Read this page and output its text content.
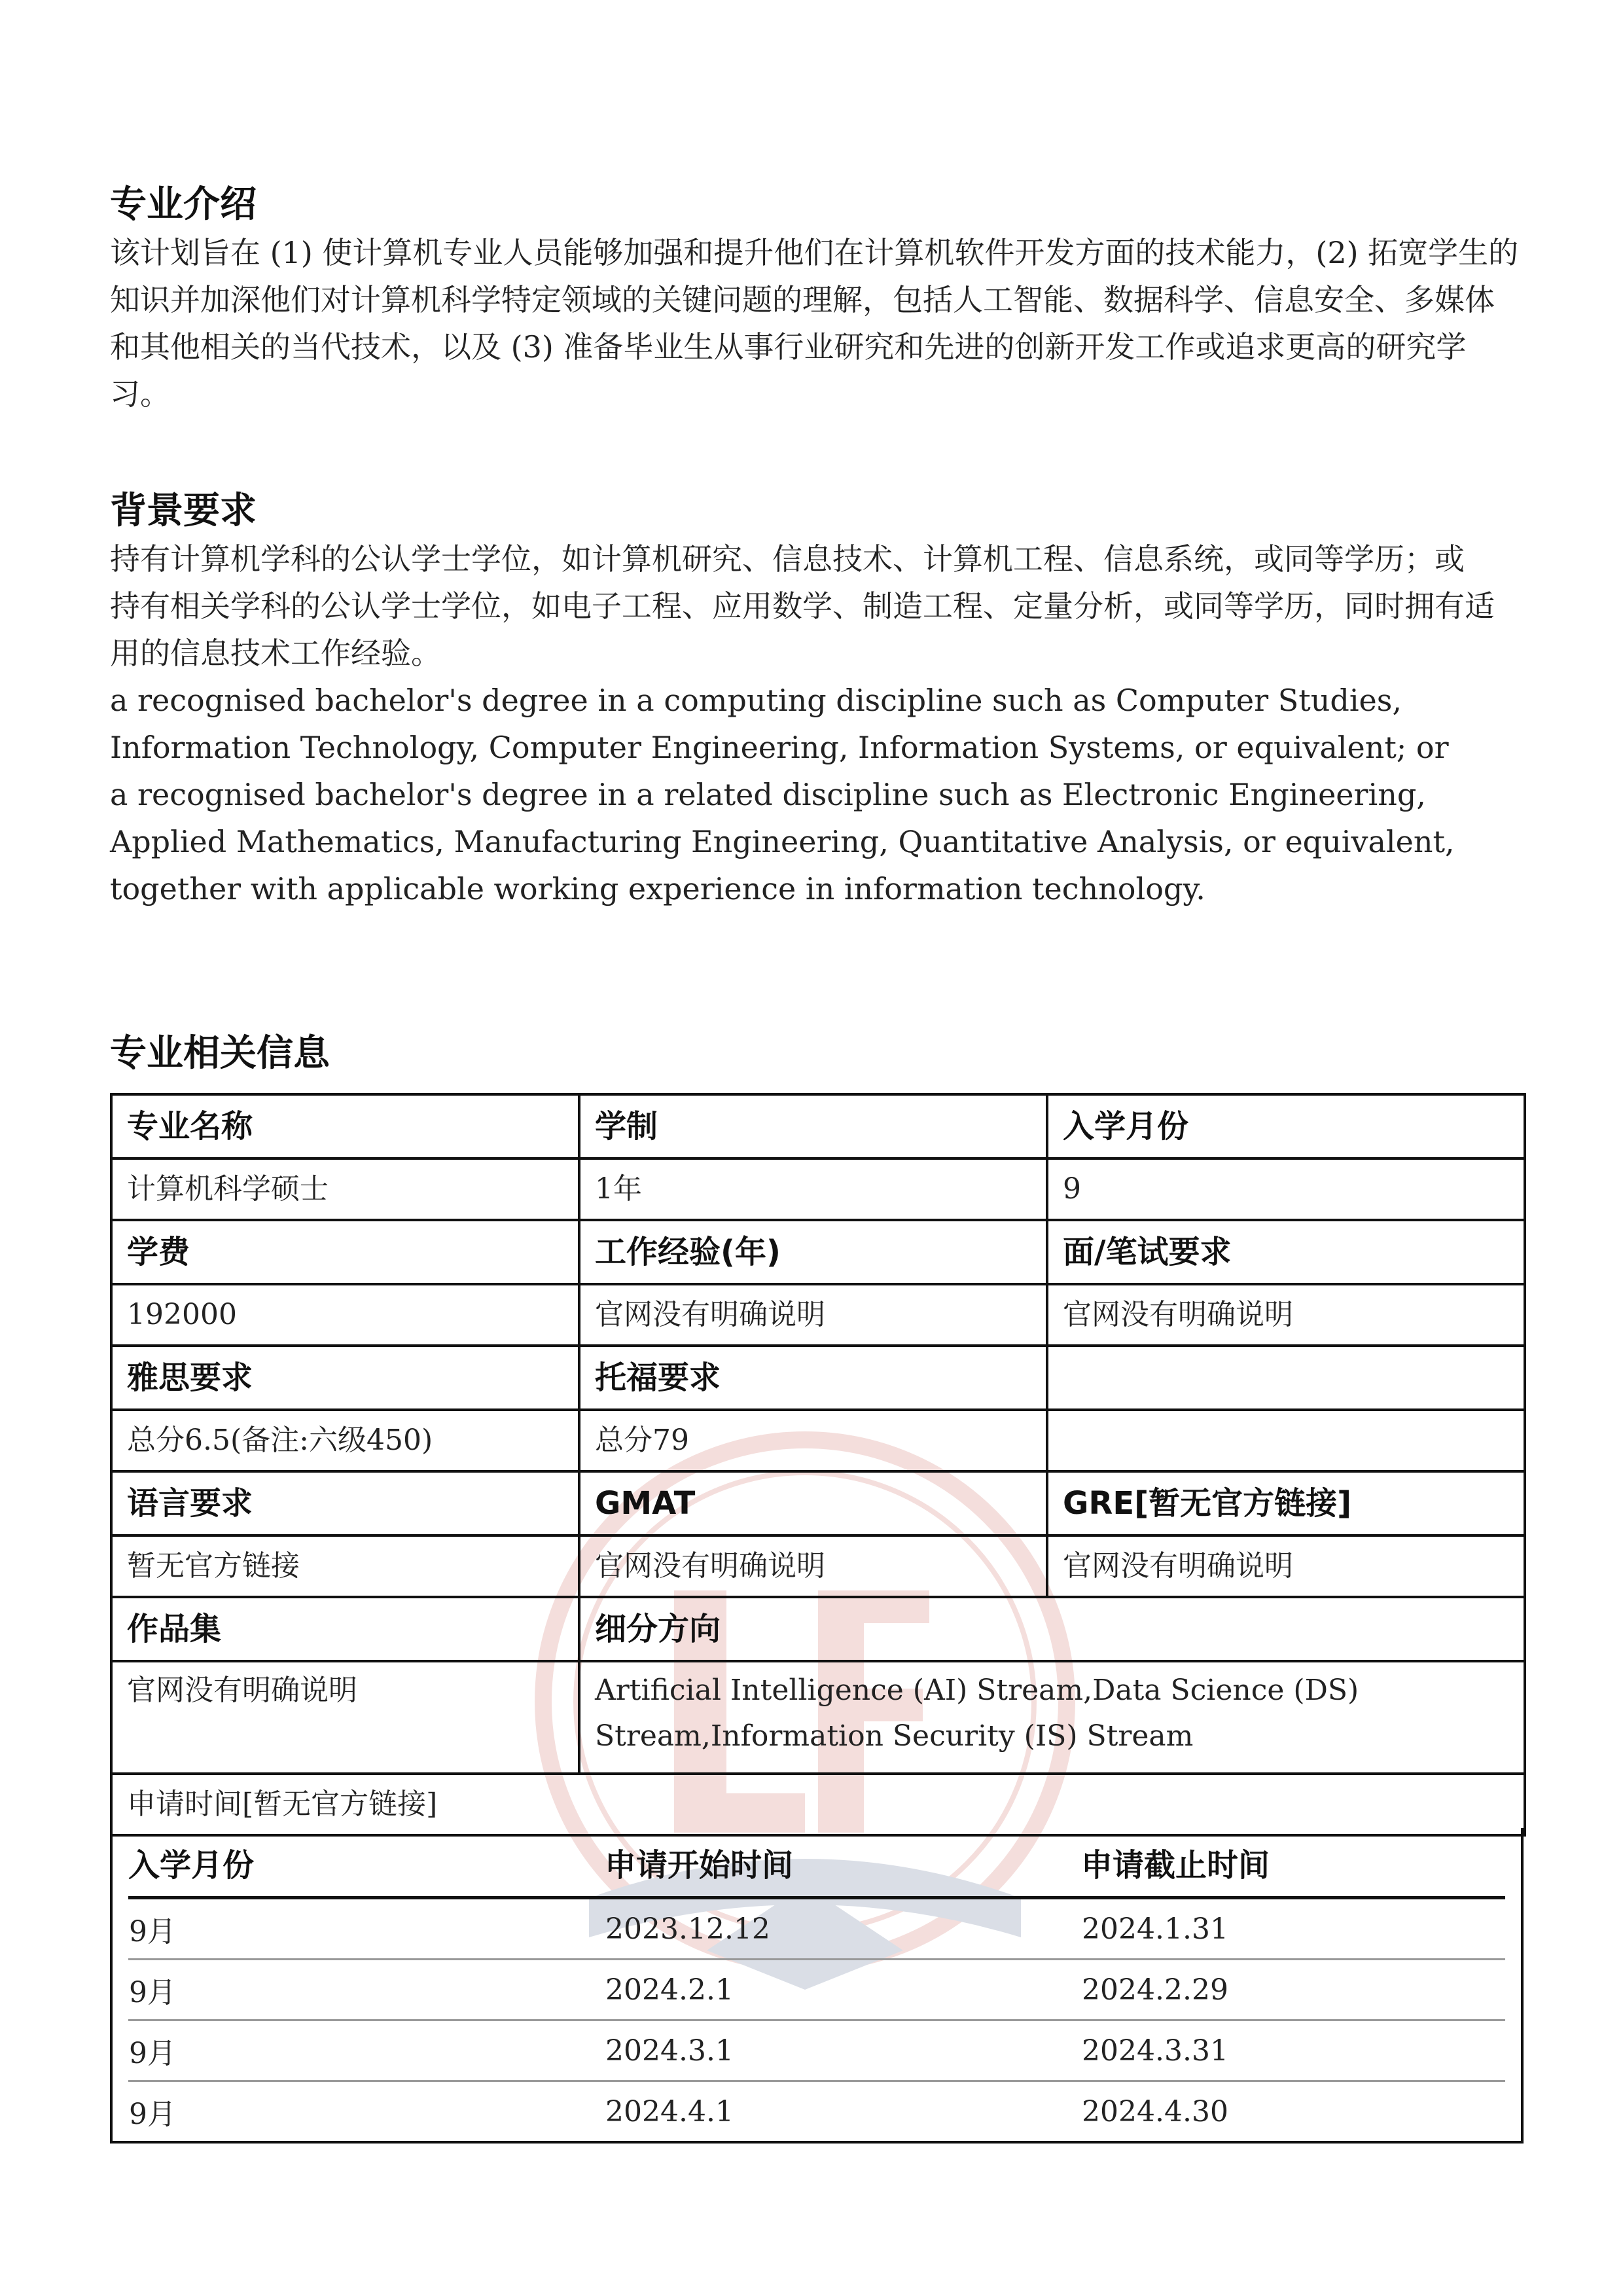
专业介绍

该计划旨在 (1) 使计算机专业人员能够加强和提升他们在计算机软件开发方面的技术能力，(2) 拓宽学生的知识并加深他们对计算机科学特定领域的关键问题的理解，包括人工智能、数据科学、信息安全、多媒体和其他相关的当代技术，以及 (3) 准备毕业生从事行业研究和先进的创新开发工作或追求更高的研究学习。

背景要求

持有计算机学科的公认学士学位，如计算机研究、信息技术、计算机工程、信息系统，或同等学历；或

持有相关学科的公认学士学位，如电子工程、应用数学、制造工程、定量分析，或同等学历，同时拥有适用的信息技术工作经验。

a recognised bachelor's degree in a computing discipline such as Computer Studies, Information Technology, Computer Engineering, Information Systems, or equivalent; or

a recognised bachelor's degree in a related discipline such as Electronic Engineering, Applied Mathematics, Manufacturing Engineering, Quantitative Analysis, or equivalent, together with applicable working experience in information technology.

专业相关信息
专业名称	学制	入学月份
计算机科学硕士	1年	9
学费	工作经验(年)	面/笔试要求
192000	官网没有明确说明	官网没有明确说明
雅思要求	托福要求	
总分6.5(备注:六级450)	总分79	
语言要求	GMAT	GRE[暂无官方链接]
暂无官方链接	官网没有明确说明	官网没有明确说明
作品集	细分方向	
官网没有明确说明	Artificial Intelligence (AI) Stream,Data Science (DS) Stream,Information Security (IS) Stream	
申请时间[暂无官方链接]		
入学月份	申请开始时间	申请截止时间
9月	2023.12.12	2024.1.31
9月	2024.2.1	2024.2.29
9月	2024.3.1	2024.3.31
9月	2024.4.1	2024.4.30
